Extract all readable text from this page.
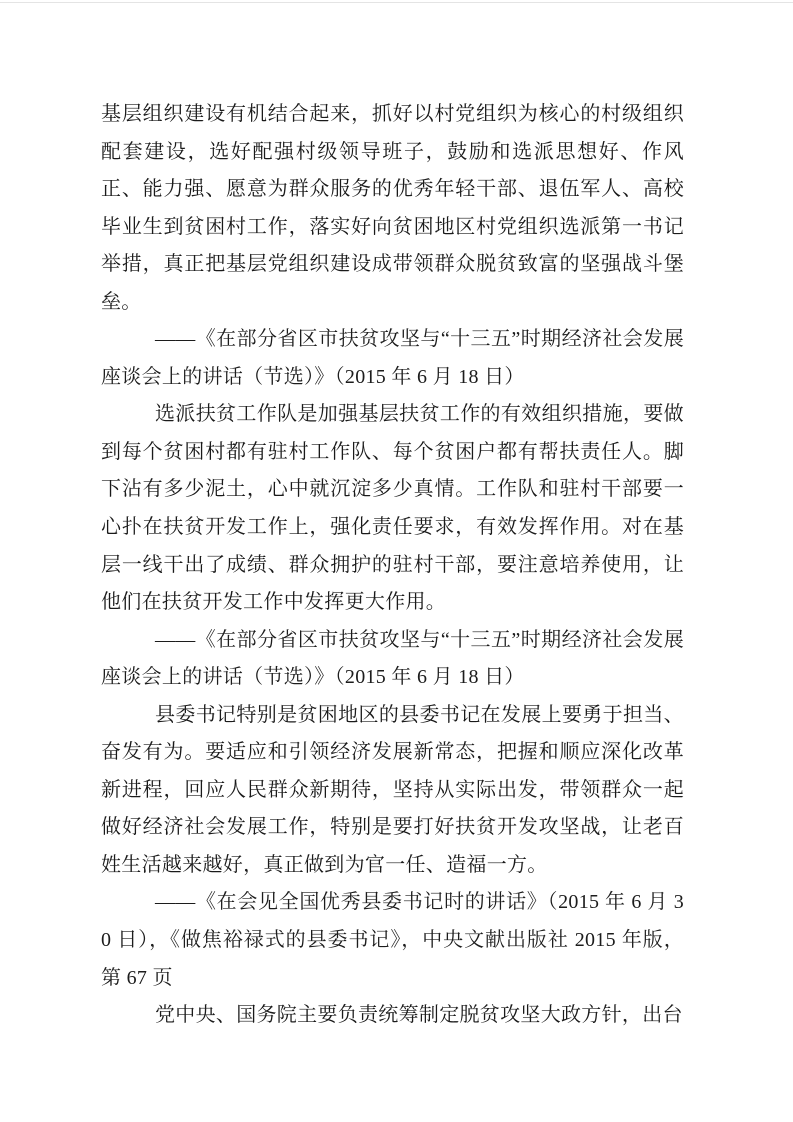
基层组织建设有机结合起来，抓好以村党组织为核心的村级组织配套建设，选好配强村级领导班子，鼓励和选派思想好、作风正、能力强、愿意为群众服务的优秀年轻干部、退伍军人、高校毕业生到贫困村工作，落实好向贫困地区村党组织选派第一书记举措，真正把基层党组织建设成带领群众脱贫致富的坚强战斗堡垒。

——《在部分省区市扶贫攻坚与“十三五”时期经济社会发展座谈会上的讲话（节选）》（2015 年 6 月 18 日）

选派扶贫工作队是加强基层扶贫工作的有效组织措施，要做到每个贫困村都有驻村工作队、每个贫困户都有帮扶责任人。脚下沾有多少泥土，心中就沉淀多少真情。工作队和驻村干部要一心扑在扶贫开发工作上，强化责任要求，有效发挥作用。对在基层一线干出了成绩、群众拥护的驻村干部，要注意培养使用，让他们在扶贫开发工作中发挥更大作用。

——《在部分省区市扶贫攻坚与“十三五”时期经济社会发展座谈会上的讲话（节选）》（2015 年 6 月 18 日）

县委书记特别是贫困地区的县委书记在发展上要勇于担当、奋发有为。要适应和引领经济发展新常态，把握和顺应深化改革新进程，回应人民群众新期待，坚持从实际出发，带领群众一起做好经济社会发展工作，特别是要打好扶贫开发攻坚战，让老百姓生活越来越好，真正做到为官一任、造福一方。

——《在会见全国优秀县委书记时的讲话》（2015 年 6 月 30 日），《做焦裕禄式的县委书记》，中央文献出版社 2015 年版，第 67 页

党中央、国务院主要负责统筹制定脱贫攻坚大政方针，出台
